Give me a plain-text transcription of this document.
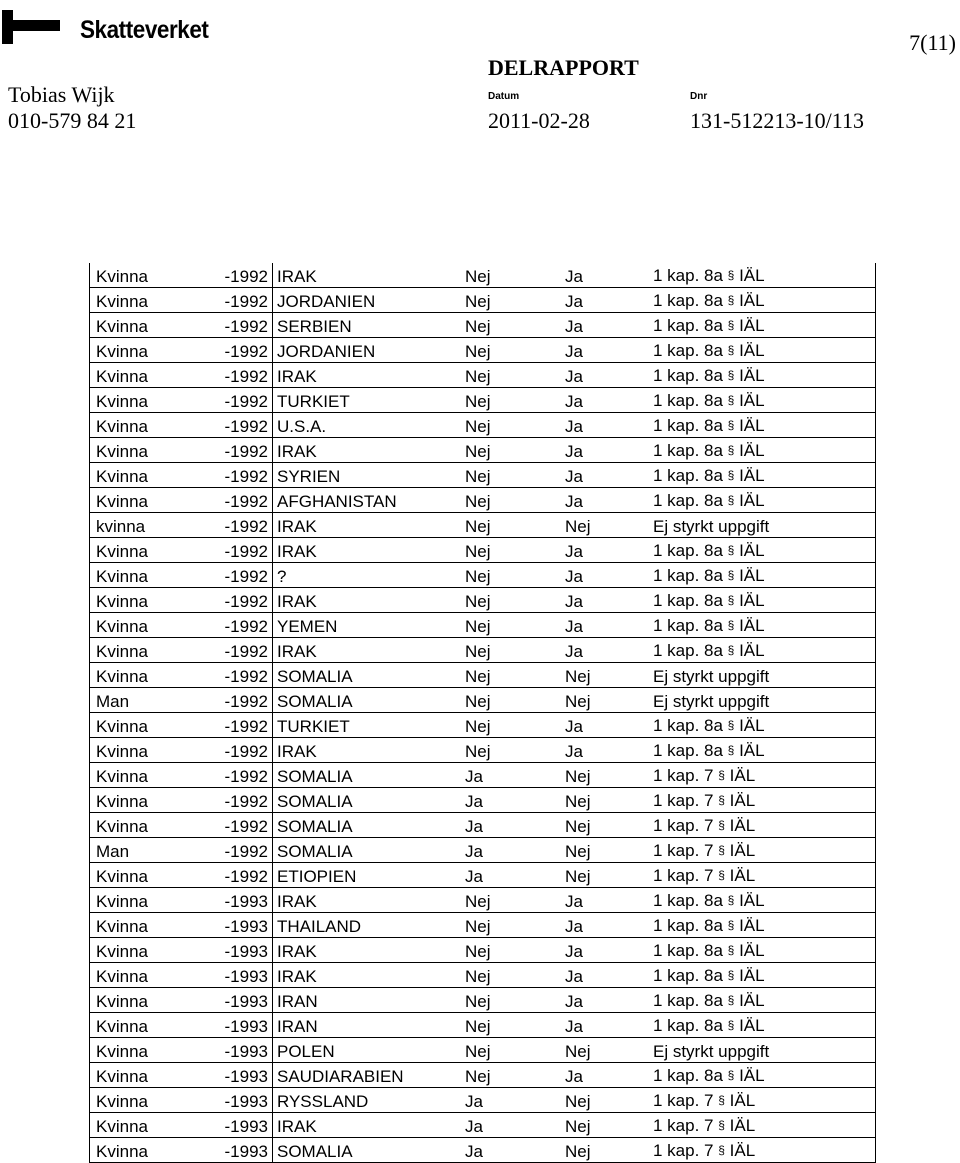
Skatteverket	7(11)
Tobias Wijk
010-579 84 21
DELRAPPORT
Datum
2011-02-28
Dnr
131-512213-10/113
Kvinna	-1992	IRAK	Nej	Ja	1 kap. 8a § IÄL
Kvinna	-1992	JORDANIEN	Nej	Ja	1 kap. 8a § IÄL
Kvinna	-1992	SERBIEN	Nej	Ja	1 kap. 8a § IÄL
Kvinna	-1992	JORDANIEN	Nej	Ja	1 kap. 8a § IÄL
Kvinna	-1992	IRAK	Nej	Ja	1 kap. 8a § IÄL
Kvinna	-1992	TURKIET	Nej	Ja	1 kap. 8a § IÄL
Kvinna	-1992	U.S.A.	Nej	Ja	1 kap. 8a § IÄL
Kvinna	-1992	IRAK	Nej	Ja	1 kap. 8a § IÄL
Kvinna	-1992	SYRIEN	Nej	Ja	1 kap. 8a § IÄL
Kvinna	-1992	AFGHANISTAN	Nej	Ja	1 kap. 8a § IÄL
kvinna	-1992	IRAK	Nej	Nej	Ej styrkt uppgift
Kvinna	-1992	IRAK	Nej	Ja	1 kap. 8a § IÄL
Kvinna	-1992	?	Nej	Ja	1 kap. 8a § IÄL
Kvinna	-1992	IRAK	Nej	Ja	1 kap. 8a § IÄL
Kvinna	-1992	YEMEN	Nej	Ja	1 kap. 8a § IÄL
Kvinna	-1992	IRAK	Nej	Ja	1 kap. 8a § IÄL
Kvinna	-1992	SOMALIA	Nej	Nej	Ej styrkt uppgift
Man	-1992	SOMALIA	Nej	Nej	Ej styrkt uppgift
Kvinna	-1992	TURKIET	Nej	Ja	1 kap. 8a § IÄL
Kvinna	-1992	IRAK	Nej	Ja	1 kap. 8a § IÄL
Kvinna	-1992	SOMALIA	Ja	Nej	1 kap. 7 § IÄL
Kvinna	-1992	SOMALIA	Ja	Nej	1 kap. 7 § IÄL
Kvinna	-1992	SOMALIA	Ja	Nej	1 kap. 7 § IÄL
Man	-1992	SOMALIA	Ja	Nej	1 kap. 7 § IÄL
Kvinna	-1992	ETIOPIEN	Ja	Nej	1 kap. 7 § IÄL
Kvinna	-1993	IRAK	Nej	Ja	1 kap. 8a § IÄL
Kvinna	-1993	THAILAND	Nej	Ja	1 kap. 8a § IÄL
Kvinna	-1993	IRAK	Nej	Ja	1 kap. 8a § IÄL
Kvinna	-1993	IRAK	Nej	Ja	1 kap. 8a § IÄL
Kvinna	-1993	IRAN	Nej	Ja	1 kap. 8a § IÄL
Kvinna	-1993	IRAN	Nej	Ja	1 kap. 8a § IÄL
Kvinna	-1993	POLEN	Nej	Nej	Ej styrkt uppgift
Kvinna	-1993	SAUDIARABIEN	Nej	Ja	1 kap. 8a § IÄL
Kvinna	-1993	RYSSLAND	Ja	Nej	1 kap. 7 § IÄL
Kvinna	-1993	IRAK	Ja	Nej	1 kap. 7 § IÄL
Kvinna	-1993	SOMALIA	Ja	Nej	1 kap. 7 § IÄL
